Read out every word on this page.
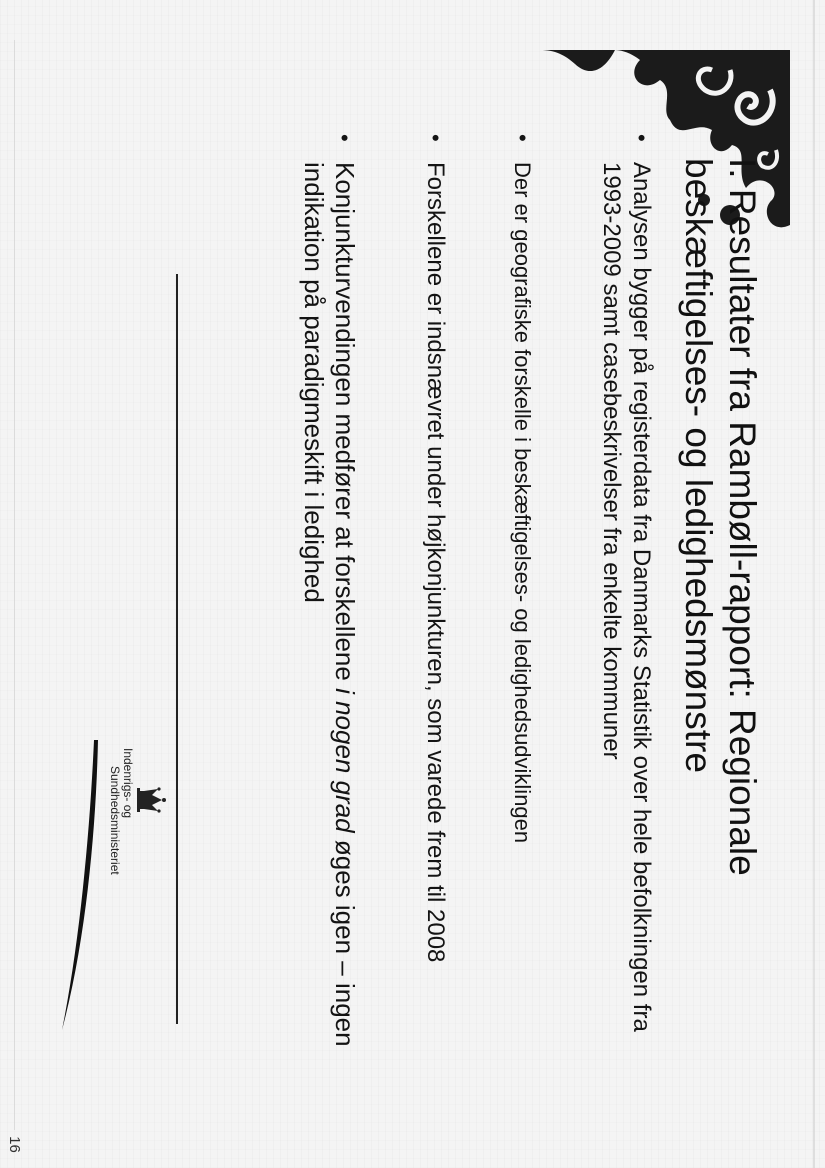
I. Resultater fra Rambøll-rapport: Regionale beskæftigelses- og ledighedsmønstre
•
Analysen bygger på registerdata fra Danmarks Statistik over hele befolkningen fra 1993-2009 samt casebeskrivelser fra enkelte kommuner
•
Der er geografiske forskelle i beskæftigelses- og ledighedsudviklingen
•
Forskellene er indsnævret under højkonjunkturen, som varede frem til 2008
•
Konjunkturvendingen medfører at forskellene i nogen grad øges igen – ingen indikation på paradigmeskift i ledighed
Indenrigs- og
Sundhedsministeriet
16
